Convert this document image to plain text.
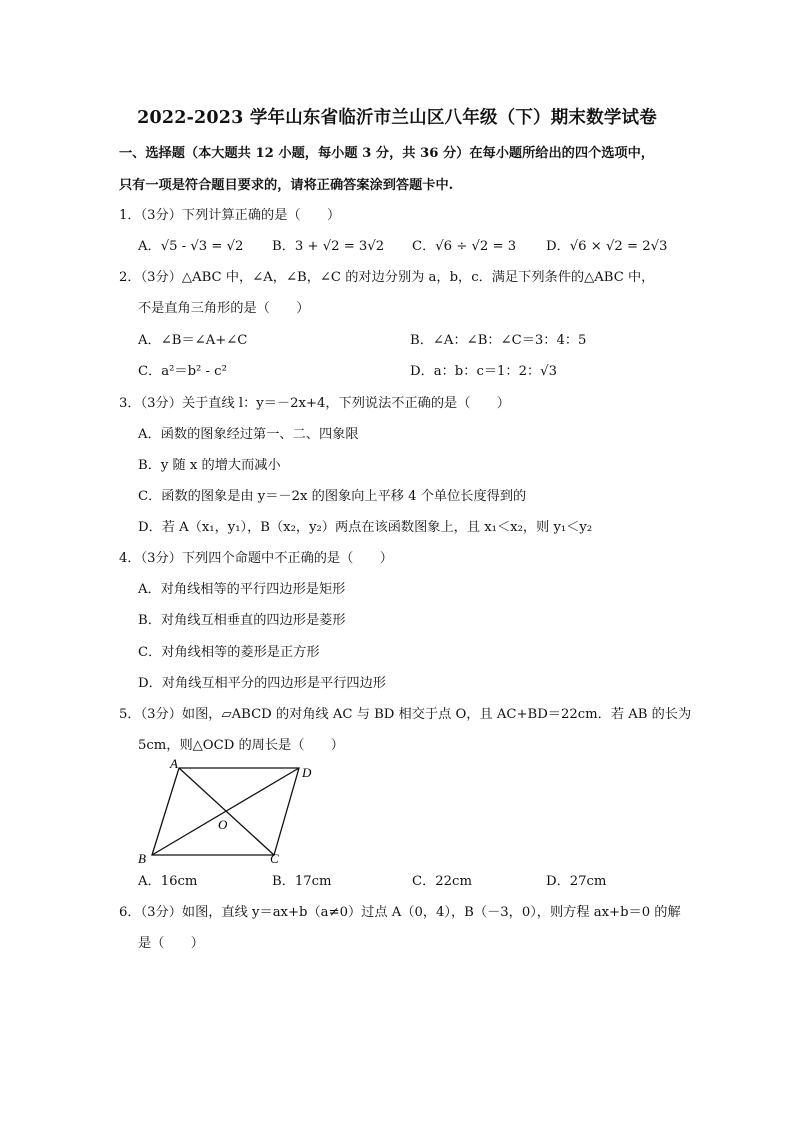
2022-2023 学年山东省临沂市兰山区八年级（下）期末数学试卷
一、选择题（本大题共 12 小题，每小题 3 分，共 36 分）在每小题所给出的四个选项中，
只有一项是符合题目要求的，请将正确答案涂到答题卡中.
1．（3分）下列计算正确的是（　　）
A．√5 - √3 = √2 B．3 + √2 = 3√2 C．√6 ÷ √2 = 3 D．√6 × √2 = 2√3
2．（3分）△ABC 中，∠A，∠B，∠C 的对边分别为 a，b，c．满足下列条件的△ABC 中，
不是直角三角形的是（　　）
A．∠B＝∠A+∠C	B．∠A：∠B：∠C＝3：4：5
C．a²＝b² - c²	D．a：b：c＝1：2：√3
3．（3分）关于直线 l：y＝－2x+4，下列说法不正确的是（　　）
A．函数的图象经过第一、二、四象限
B．y 随 x 的增大而减小
C．函数的图象是由 y＝－2x 的图象向上平移 4 个单位长度得到的
D．若 A（x₁，y₁），B（x₂，y₂）两点在该函数图象上，且 x₁＜x₂，则 y₁＜y₂
4．（3分）下列四个命题中不正确的是（　　）
A．对角线相等的平行四边形是矩形
B．对角线互相垂直的四边形是菱形
C．对角线相等的菱形是正方形
D．对角线互相平分的四边形是平行四边形
5．（3分）如图，▱ABCD 的对角线 AC 与 BD 相交于点 O，且 AC+BD＝22cm．若 AB 的长为
5cm，则△OCD 的周长是（　　）
A
D
B	C
O
A．16cm	B．17cm	C．22cm	D．27cm
6．（3分）如图，直线 y＝ax+b（a≠0）过点 A（0，4），B（－3，0），则方程 ax+b＝0 的解
是（　　）
